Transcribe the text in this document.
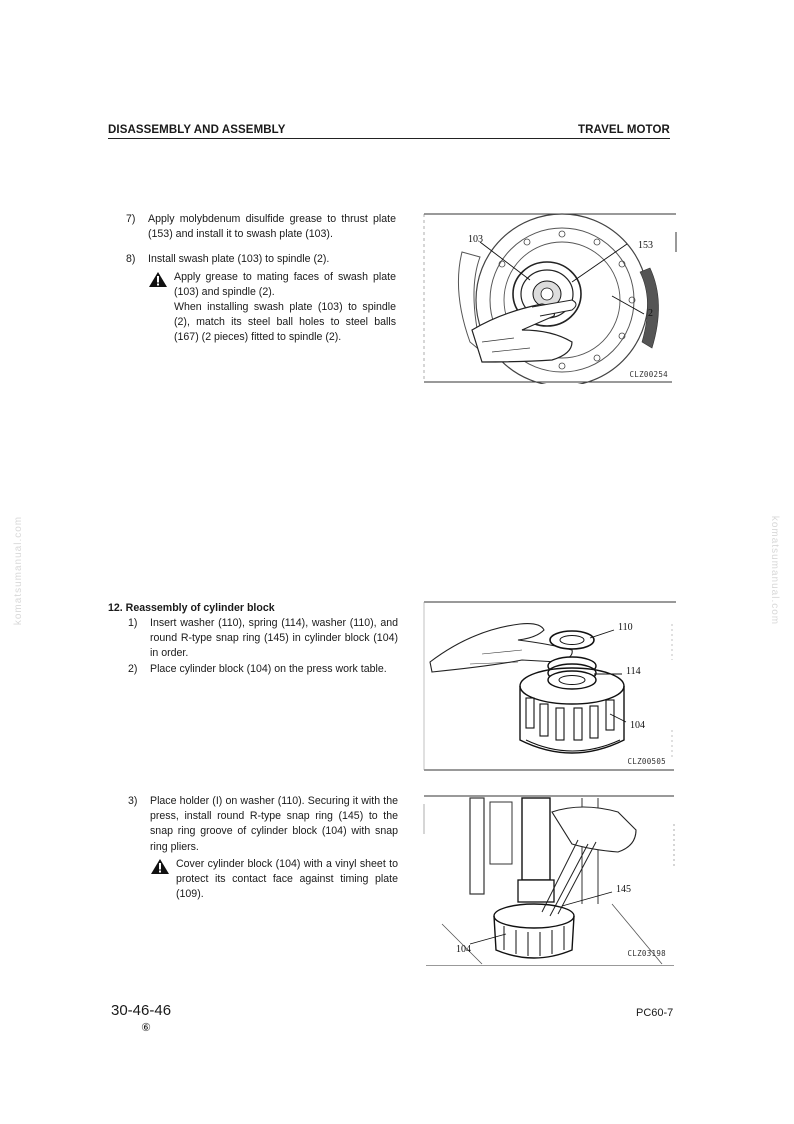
DISASSEMBLY AND ASSEMBLY	TRAVEL MOTOR
komatsumanual.com	komatsumanual.com
7)	Apply molybdenum disulfide grease to thrust plate (153) and install it to swash plate (103).
8)	Install swash plate (103) to spindle (2).
Apply grease to mating faces of swash plate (103) and spindle (2).
When installing swash plate (103) to spindle (2), match its steel ball holes to steel balls (167) (2 pieces) fitted to spindle (2).
103
153
2
CLZ00254
12. Reassembly of cylinder block
1)	Insert washer (110), spring (114), washer (110), and round R-type snap ring (145) in cylinder block (104) in order.
2)	Place cylinder block (104) on the press work table.
110
114
104
CLZ00505
3)	Place holder (I) on washer (110). Securing it with the press, install round R-type snap ring (145) to the snap ring groove of cylinder block (104) with snap ring pliers.
Cover cylinder block (104) with a vinyl sheet to protect its contact face against timing plate (109).	145
104	CLZ03198
30-46-46
⑥
PC60-7
